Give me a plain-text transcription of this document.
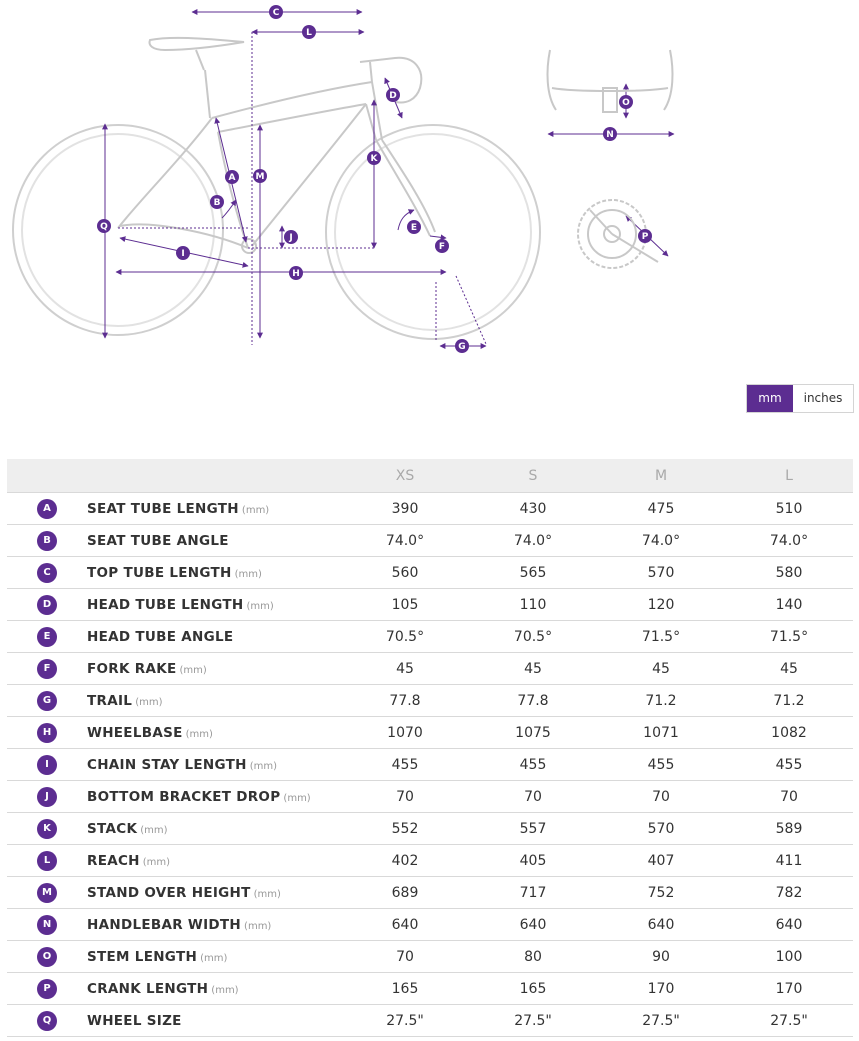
C
L
D
K
M
A
B
Q	E
J
F
I
H
G
O
N
P
mm	inches
		XS	S	M	L
A	SEAT TUBE LENGTH (mm)	390	430	475	510
B	SEAT TUBE ANGLE	74.0°	74.0°	74.0°	74.0°
C	TOP TUBE LENGTH (mm)	560	565	570	580
D	HEAD TUBE LENGTH (mm)	105	110	120	140
E	HEAD TUBE ANGLE	70.5°	70.5°	71.5°	71.5°
F	FORK RAKE (mm)	45	45	45	45
G	TRAIL (mm)	77.8	77.8	71.2	71.2
H	WHEELBASE (mm)	1070	1075	1071	1082
I	CHAIN STAY LENGTH (mm)	455	455	455	455
J	BOTTOM BRACKET DROP (mm)	70	70	70	70
K	STACK (mm)	552	557	570	589
L	REACH (mm)	402	405	407	411
M	STAND OVER HEIGHT (mm)	689	717	752	782
N	HANDLEBAR WIDTH (mm)	640	640	640	640
O	STEM LENGTH (mm)	70	80	90	100
P	CRANK LENGTH (mm)	165	165	170	170
Q	WHEEL SIZE	27.5"	27.5"	27.5"	27.5"
